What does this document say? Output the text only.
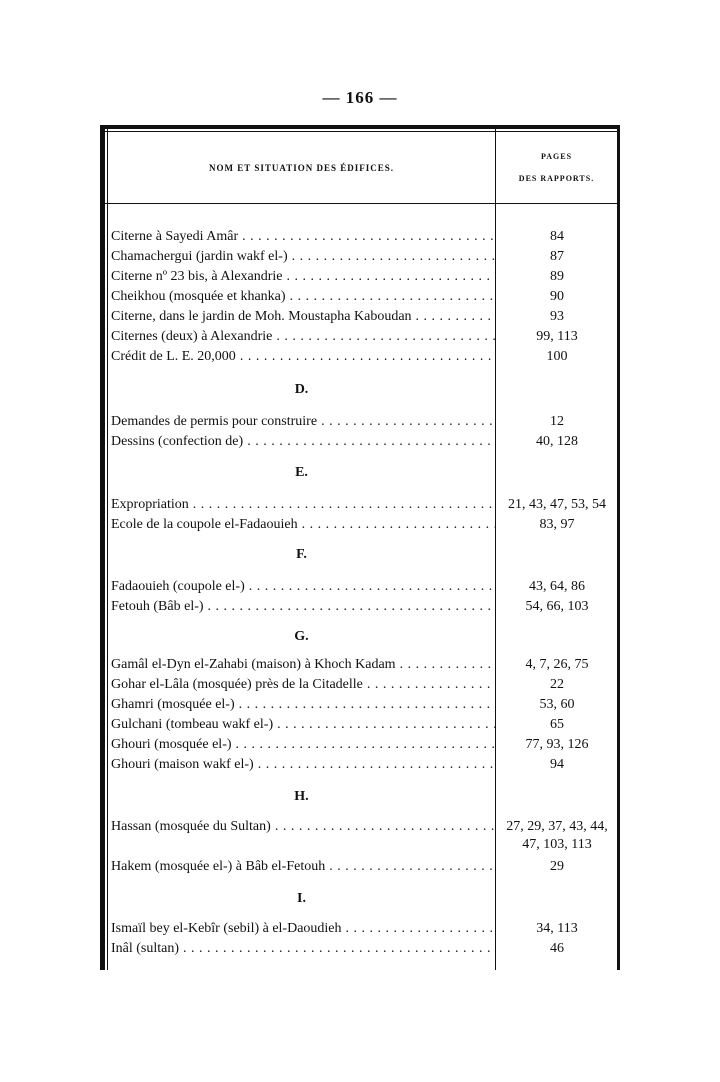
— 166 —
NOM ET SITUATION DES ÉDIFICES.
PAGES
DES RAPPORTS.
Citerne à Sayedi Amâr . . .	84
Chamachergui (jardin wakf el-) . . .	87
Citerne nº 23 bis, à Alexandrie . . .	89
Cheikhou (mosquée et khanka) . . .	90
Citerne, dans le jardin de Moh. Moustapha Kaboudan . . .	93
Citernes (deux) à Alexandrie . . .	99, 113
Crédit de L. E. 20,000 . . .	100
D.
Demandes de permis pour construire . . .	12
Dessins (confection de) . . .	40, 128
E.
Expropriation . . .	21, 43, 47, 53, 54
Ecole de la coupole el-Fadaouieh . . .	83, 97
F.
Fadaouieh (coupole el-) . . .	43, 64, 86
Fetouh (Bâb el-) . . .	54, 66, 103
G.
Gamâl el-Dyn el-Zahabi (maison) à Khoch Kadam . . .	4, 7, 26, 75
Gohar el-Lâla (mosquée) près de la Citadelle . . .	22
Ghamri (mosquée el-) . . .	53, 60
Gulchani (tombeau wakf el-) . . .	65
Ghouri (mosquée el-) . . .	77, 93, 126
Ghouri (maison wakf el-) . . .	94
H.
Hassan (mosquée du Sultan) . . .	27, 29, 37, 43, 44,
47, 103, 113
Hakem (mosquée el-) à Bâb el-Fetouh . . .	29
I.
Ismaïl bey el-Kebîr (sebil) à el-Daoudieh . . .	34, 113
Inâl (sultan) . . .	46
